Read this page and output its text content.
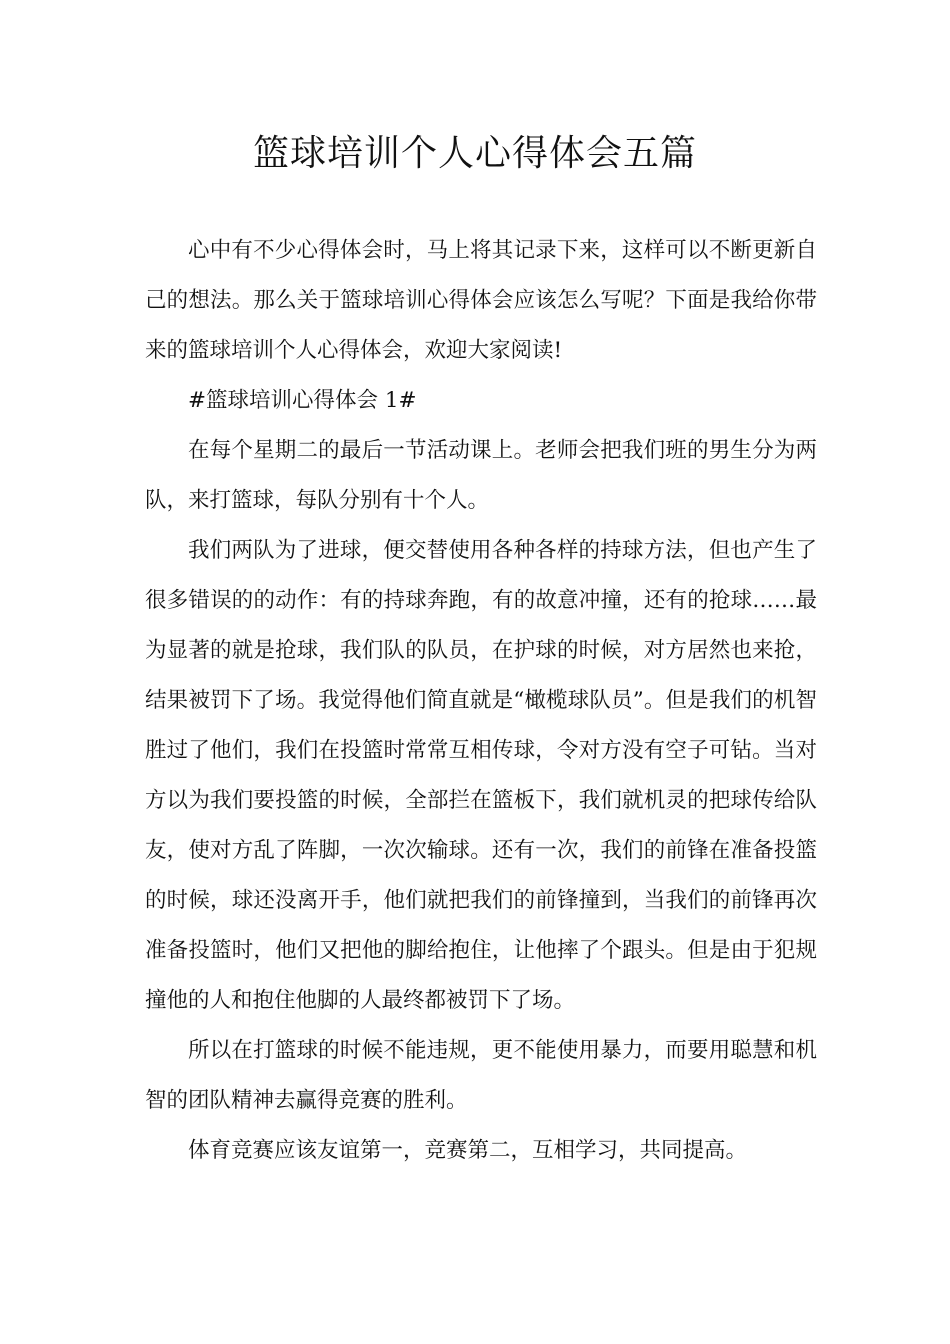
篮球培训个人心得体会五篇

心中有不少心得体会时，马上将其记录下来，这样可以不断更新自己的想法。那么关于篮球培训心得体会应该怎么写呢？下面是我给你带来的篮球培训个人心得体会，欢迎大家阅读!

#篮球培训心得体会 1#

在每个星期二的最后一节活动课上。老师会把我们班的男生分为两队，来打篮球，每队分别有十个人。

我们两队为了进球，便交替使用各种各样的持球方法，但也产生了很多错误的的动作：有的持球奔跑，有的故意冲撞，还有的抢球……最为显著的就是抢球，我们队的队员，在护球的时候，对方居然也来抢，结果被罚下了场。我觉得他们简直就是“橄榄球队员”。但是我们的机智胜过了他们，我们在投篮时常常互相传球，令对方没有空子可钻。当对方以为我们要投篮的时候，全部拦在篮板下，我们就机灵的把球传给队友，使对方乱了阵脚，一次次输球。还有一次，我们的前锋在准备投篮的时候，球还没离开手，他们就把我们的前锋撞到，当我们的前锋再次准备投篮时，他们又把他的脚给抱住，让他摔了个跟头。但是由于犯规撞他的人和抱住他脚的人最终都被罚下了场。

所以在打篮球的时候不能违规，更不能使用暴力，而要用聪慧和机智的团队精神去赢得竞赛的胜利。

体育竞赛应该友谊第一，竞赛第二，互相学习，共同提高。
